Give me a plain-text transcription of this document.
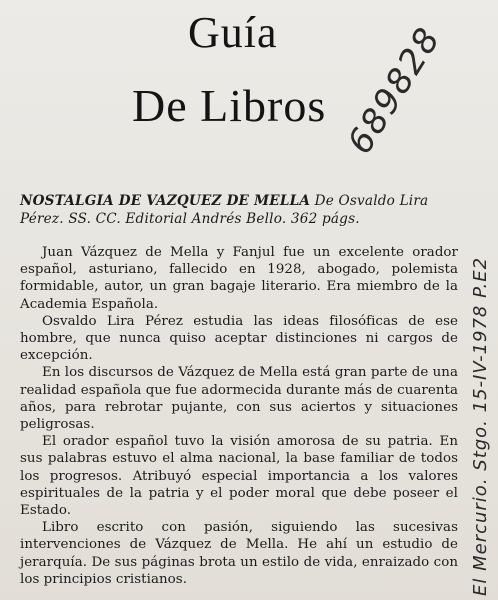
Guía
De Libros 689828
NOSTALGIA DE VAZQUEZ DE MELLA De Osvaldo Lira Pérez. SS. CC. Editorial Andrés Bello. 362 págs.

Juan Vázquez de Mella y Fanjul fue un excelente orador español, asturiano, fallecido en 1928, abogado, polemista formidable, autor, un gran bagaje literario. Era miembro de la Academia Española.

Osvaldo Lira Pérez estudia las ideas filosóficas de ese hombre, que nunca quiso aceptar distinciones ni cargos de excepción.

En los discursos de Vázquez de Mella está gran parte de una realidad española que fue adormecida durante más de cuarenta años, para rebrotar pujante, con sus aciertos y situaciones peligrosas.

El orador español tuvo la visión amorosa de su patria. En sus palabras estuvo el alma nacional, la base familiar de todos los progresos. Atribuyó especial importancia a los valores espirituales de la patria y el poder moral que debe poseer el Estado.

Libro escrito con pasión, siguiendo las sucesivas intervenciones de Vázquez de Mella. He ahí un estudio de jerarquía. De sus páginas brota un estilo de vida, enraizado con los principios cristianos.	El Mercurio. Stgo. 15-IV-1978 P.E2
